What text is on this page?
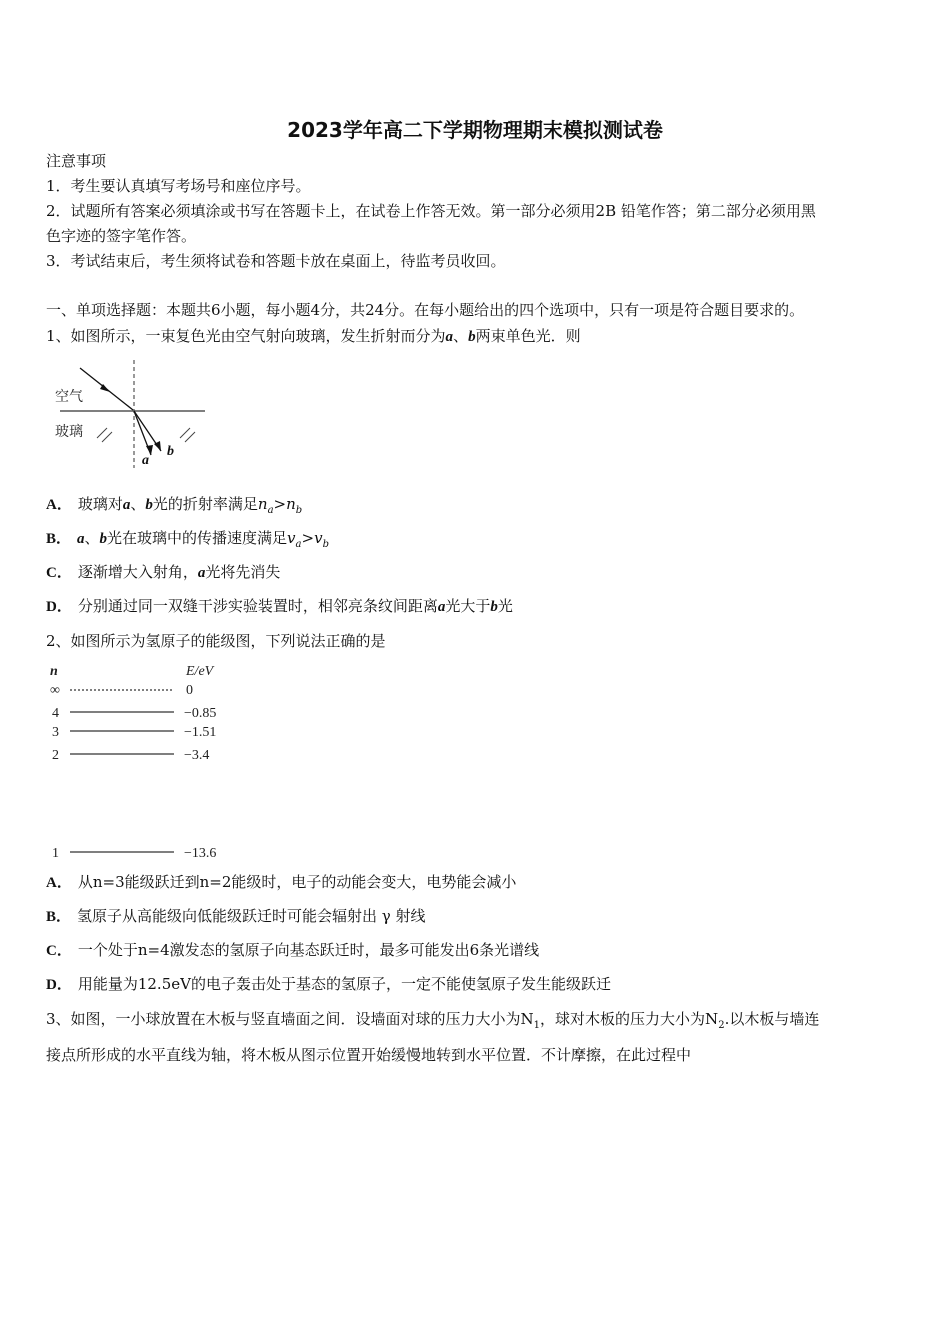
2023学年高二下学期物理期末模拟测试卷
注意事项
1．考生要认真填写考场号和座位序号。
2．试题所有答案必须填涂或书写在答题卡上，在试卷上作答无效。第一部分必须用2B 铅笔作答；第二部分必须用黑
色字迹的签字笔作答。
3．考试结束后，考生须将试卷和答题卡放在桌面上，待监考员收回。
一、单项选择题：本题共6小题，每小题4分，共24分。在每小题给出的四个选项中，只有一项是符合题目要求的。
1、如图所示，一束复色光由空气射向玻璃，发生折射而分为a、b两束单色光．则
空气
玻璃
a
b
A． 玻璃对a、b光的折射率满足$n_a>n_b$
B． a、b光在玻璃中的传播速度满足$v_a>v_b$
C． 逐渐增大入射角，a光将先消失
D． 分别通过同一双缝干涉实验装置时，相邻亮条纹间距离a光大于b光
2、如图所示为氢原子的能级图，下列说法正确的是
n	E/eV
∞	0
4	−0.85
3	−1.51
2	−3.4
1	−13.6
A． 从n=3能级跃迁到n=2能级时，电子的动能会变大，电势能会减小
B． 氢原子从高能级向低能级跃迁时可能会辐射出 γ 射线
C． 一个处于n=4激发态的氢原子向基态跃迁时，最多可能发出6条光谱线
D． 用能量为12.5eV的电子轰击处于基态的氢原子，一定不能使氢原子发生能级跃迁
3、如图，一小球放置在木板与竖直墙面之间．设墙面对球的压力大小为$N_1$，球对木板的压力大小为$N_2$.以木板与墙连
接点所形成的水平直线为轴，将木板从图示位置开始缓慢地转到水平位置．不计摩擦，在此过程中
